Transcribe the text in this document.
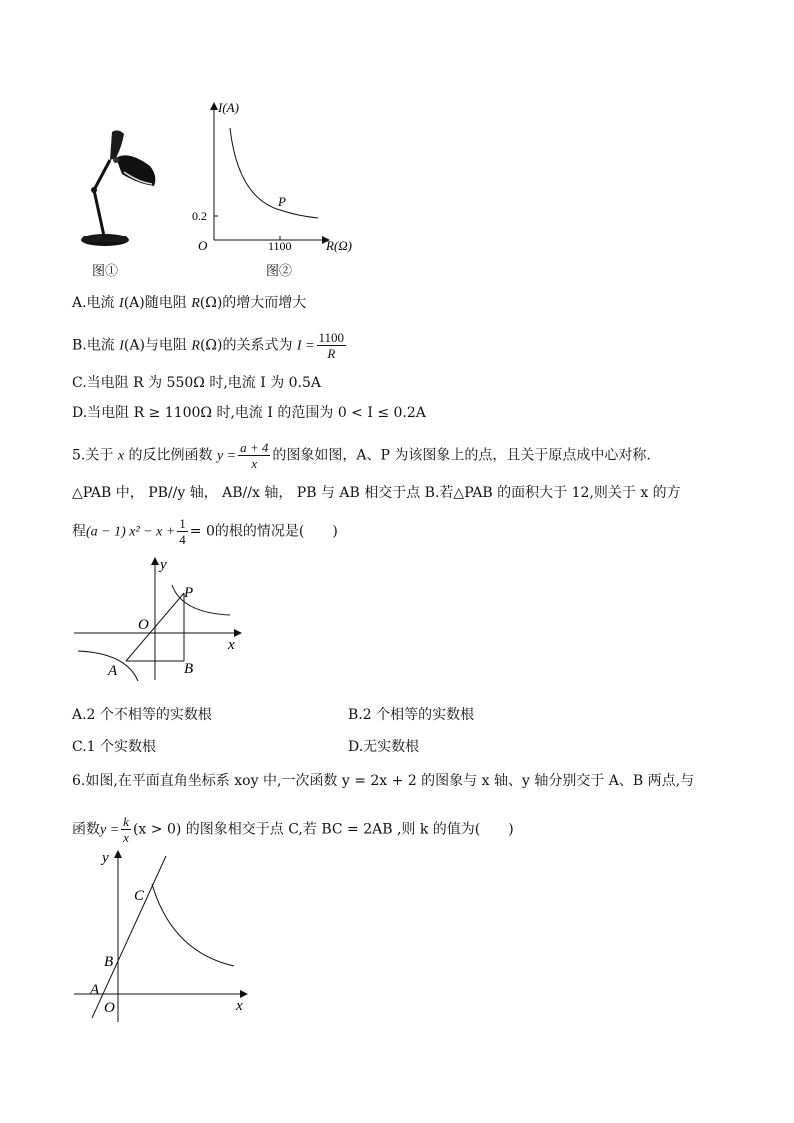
图①
I(A)
R(Ω)
O
0.2
1100
P
图②
A.电流 I(A)随电阻 R(Ω)的增大而增大
B.电流 I(A)与电阻 R(Ω)的关系式为 $I = \frac{1100}{R}$
C.当电阻 R 为 550Ω 时,电流 I 为 0.5A
D.当电阻 R ≥ 1100Ω 时,电流 I 的范围为 0 < I ≤ 0.2A
5.关于 x 的反比例函数 $y = \frac{a + 4}{x}$ 的图象如图，A、P 为该图象上的点，且关于原点成中心对称.
△PAB 中， PB//y 轴， AB//x 轴， PB 与 AB 相交于点 B.若△PAB 的面积大于 12,则关于 x 的方
程(a − 1) $x^2 - x + \frac{1}{4} = 0$的根的情况是(　　)
y
x
O
P
A	B
A.2 个不相等的实数根	B.2 个相等的实数根
C.1 个实数根	D.无实数根
6.如图,在平面直角坐标系 xoy 中,一次函数 y = 2x + 2 的图象与 x 轴、y 轴分别交于 A、B 两点,与
函数$y = \frac{k}{x} (x > 0)$ 的图象相交于点 C,若 BC = 2AB ,则 k 的值为(　　)
y
x
O
A
B
C
